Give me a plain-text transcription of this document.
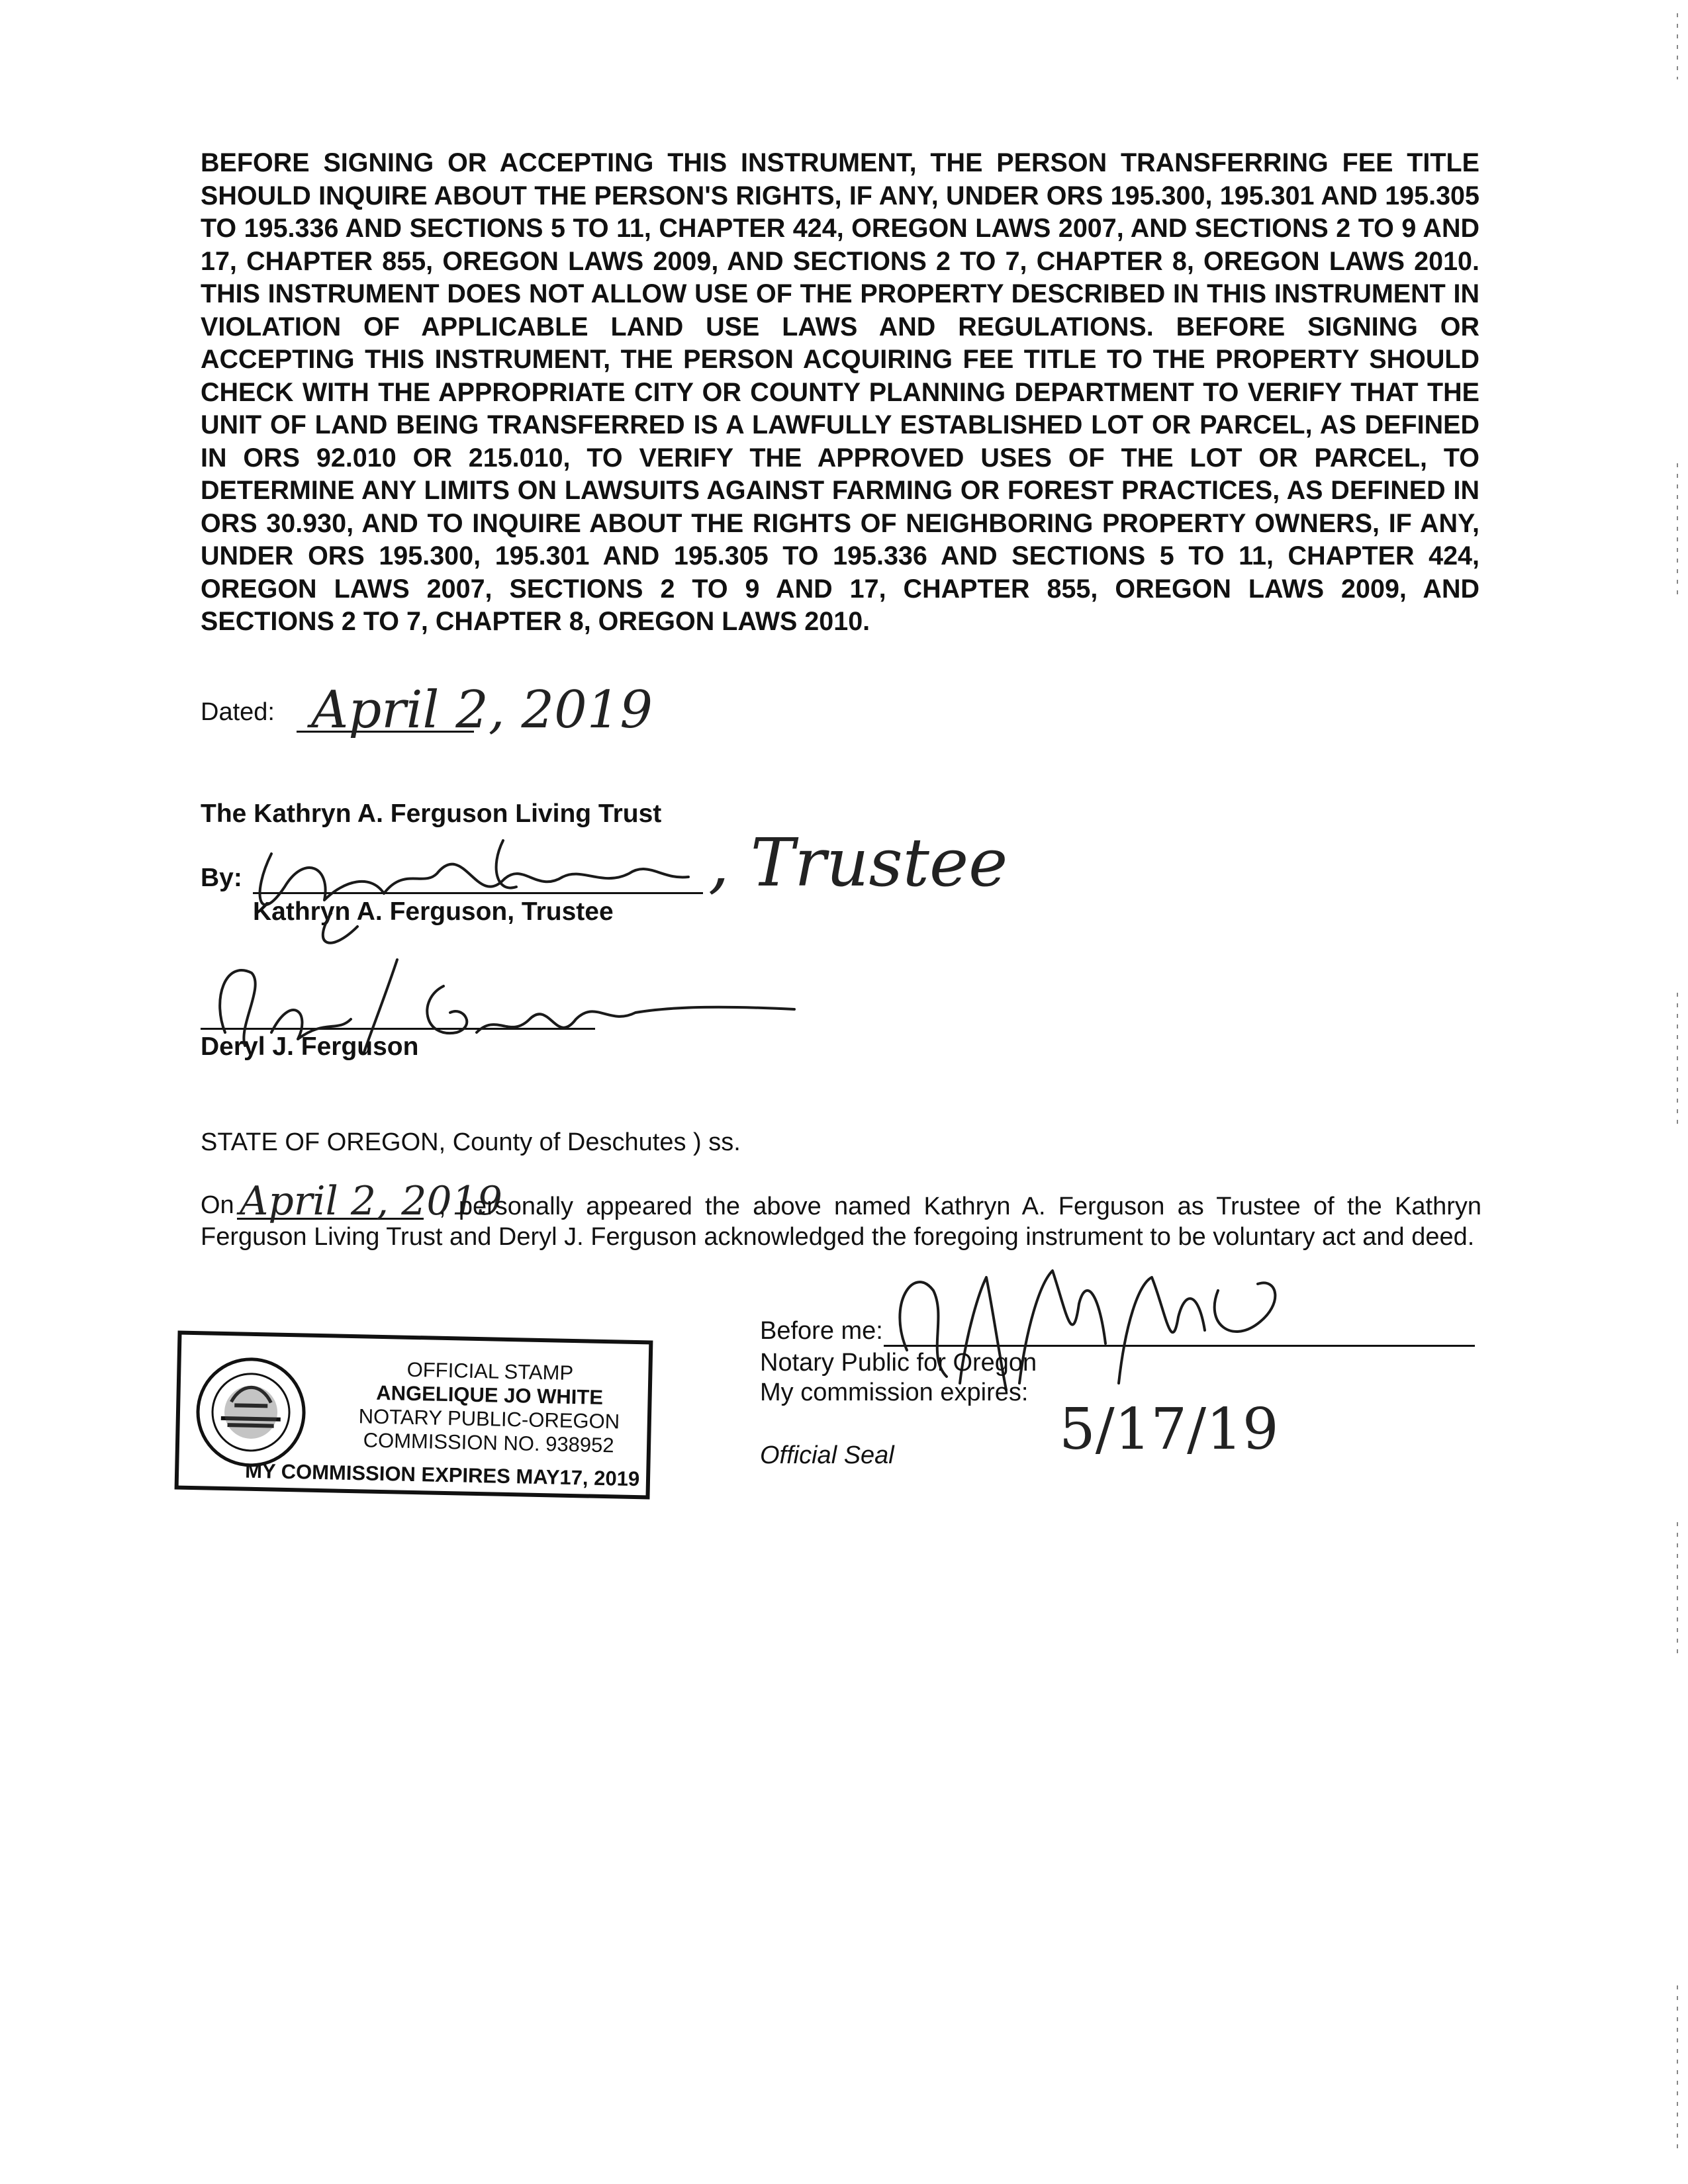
BEFORE SIGNING OR ACCEPTING THIS INSTRUMENT, THE PERSON TRANSFERRING FEE TITLE SHOULD INQUIRE ABOUT THE PERSON'S RIGHTS, IF ANY, UNDER ORS 195.300, 195.301 AND 195.305 TO 195.336 AND SECTIONS 5 TO 11, CHAPTER 424, OREGON LAWS 2007, AND SECTIONS 2 TO 9 AND 17, CHAPTER 855, OREGON LAWS 2009, AND SECTIONS 2 TO 7, CHAPTER 8, OREGON LAWS 2010. THIS INSTRUMENT DOES NOT ALLOW USE OF THE PROPERTY DESCRIBED IN THIS INSTRUMENT IN VIOLATION OF APPLICABLE LAND USE LAWS AND REGULATIONS. BEFORE SIGNING OR ACCEPTING THIS INSTRUMENT, THE PERSON ACQUIRING FEE TITLE TO THE PROPERTY SHOULD CHECK WITH THE APPROPRIATE CITY OR COUNTY PLANNING DEPARTMENT TO VERIFY THAT THE UNIT OF LAND BEING TRANSFERRED IS A LAWFULLY ESTABLISHED LOT OR PARCEL, AS DEFINED IN ORS 92.010 OR 215.010, TO VERIFY THE APPROVED USES OF THE LOT OR PARCEL, TO DETERMINE ANY LIMITS ON LAWSUITS AGAINST FARMING OR FOREST PRACTICES, AS DEFINED IN ORS 30.930, AND TO INQUIRE ABOUT THE RIGHTS OF NEIGHBORING PROPERTY OWNERS, IF ANY, UNDER ORS 195.300, 195.301 AND 195.305 TO 195.336 AND SECTIONS 5 TO 11, CHAPTER 424, OREGON LAWS 2007, SECTIONS 2 TO 9 AND 17, CHAPTER 855, OREGON LAWS 2009, AND SECTIONS 2 TO 7, CHAPTER 8, OREGON LAWS 2010.

Dated: April 2, 2019
The Kathryn A. Ferguson Living Trust
By:
Kathryn A. Ferguson, Trustee
, Trustee
Deryl J. Ferguson
STATE OF OREGON, County of Deschutes ) ss.
On April 2, 2019
, personally appeared the above named Kathryn A. Ferguson as Trustee of the Kathryn Ferguson Living Trust and Deryl J. Ferguson acknowledged the foregoing instrument to be voluntary act and deed.
Before me:
Notary Public for Oregon
My commission expires:
5/17/19
Official Seal
OFFICIAL STAMP
ANGELIQUE JO WHITE
NOTARY PUBLIC-OREGON
COMMISSION NO. 938952
MY COMMISSION EXPIRES MAY17, 2019
